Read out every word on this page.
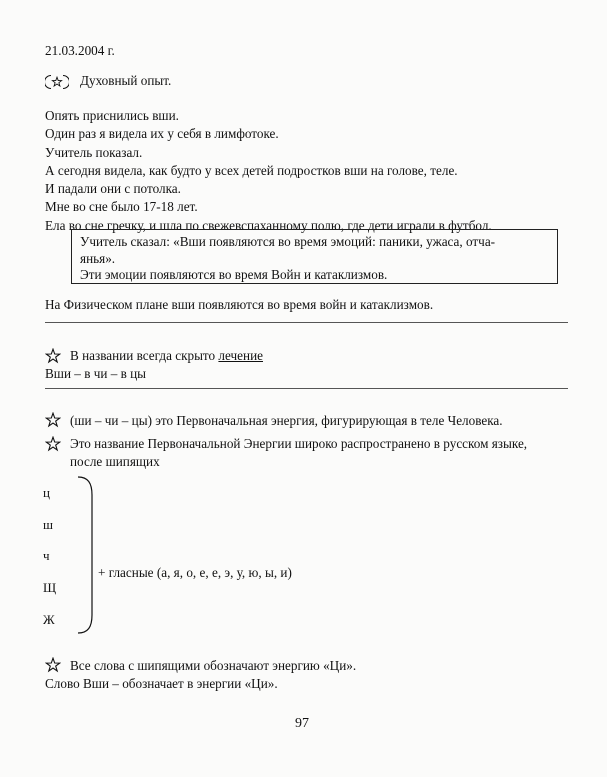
21.03.2004 г.
Духовный опыт.
Опять приснились вши.
Один раз я видела их у себя в лимфотоке.
Учитель показал.
А сегодня видела, как будто у всех детей подростков вши на голове, теле.
И падали они с потолка.
Мне во сне было 17-18 лет.
Ела во сне гречку, и шла по свежевспаханному полю, где дети играли в футбол.
Учитель сказал: «Вши появляются во время эмоций: паники, ужаса, отча-
янья».
Эти эмоции появляются во время Войн и катаклизмов.
На Физическом плане вши появляются во время войн и катаклизмов.
В названии всегда скрыто лечение
Вши – в чи – в цы
(ши – чи – цы) это Первоначальная энергия, фигурирующая в теле Человека.
Это название Первоначальной Энергии широко распространено в русском языке,
после шипящих
ц
ш
ч
Щ
Ж
+ гласные (а, я, о, е, е, э, у, ю, ы, и)
Все слова с шипящими обозначают энергию «Ци».
Слово Вши – обозначает в энергии «Ци».
97
